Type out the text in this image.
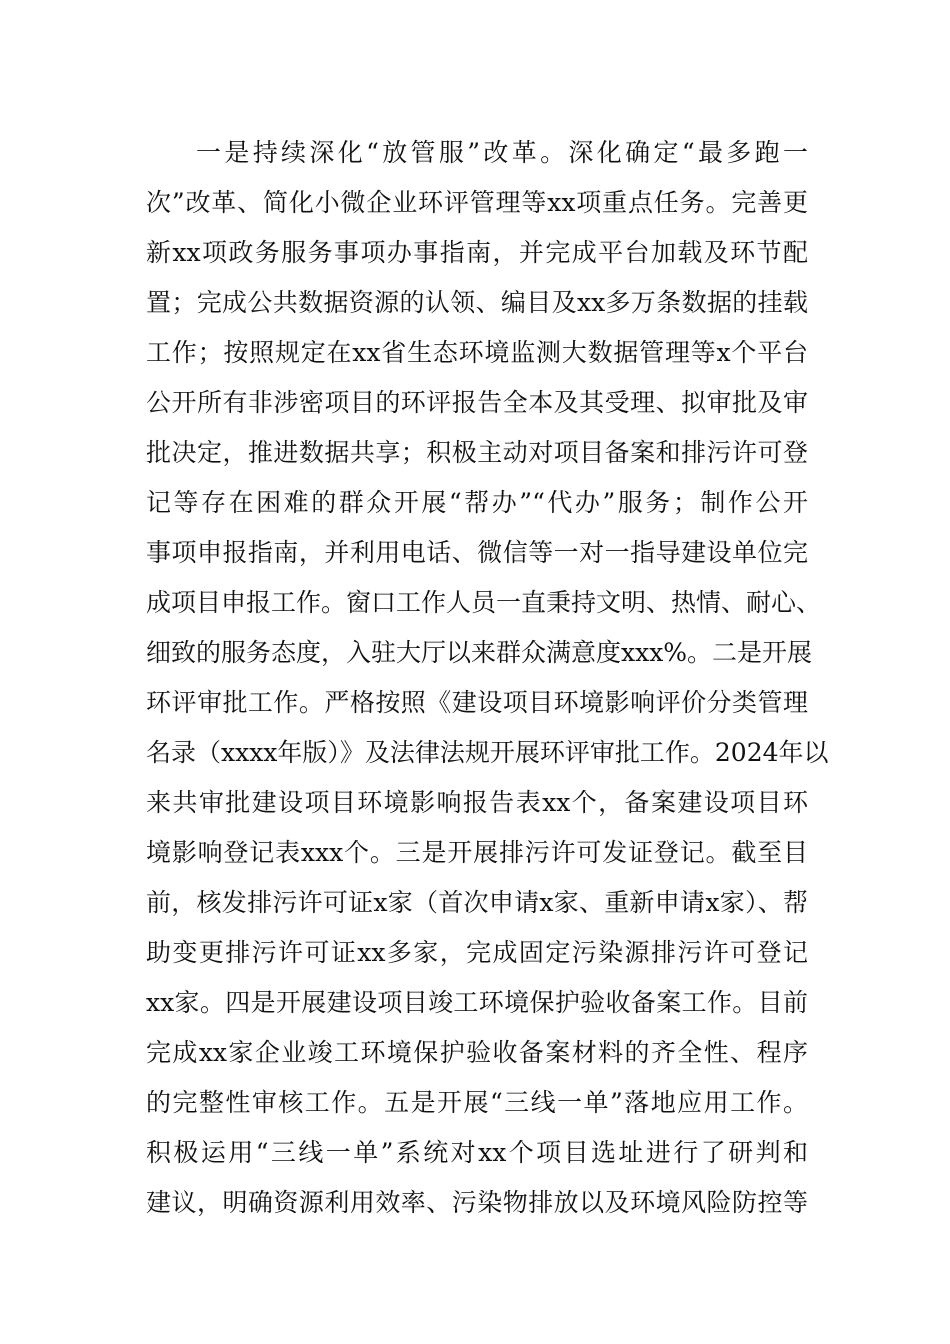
一是持续深化“放管服”改革。深化确定“最多跑一
次”改革、简化小微企业环评管理等xx项重点任务。完善更
新xx项政务服务事项办事指南，并完成平台加载及环节配
置；完成公共数据资源的认领、编目及xx多万条数据的挂载
工作；按照规定在xx省生态环境监测大数据管理等x个平台
公开所有非涉密项目的环评报告全本及其受理、拟审批及审
批决定，推进数据共享；积极主动对项目备案和排污许可登
记等存在困难的群众开展“帮办”“代办”服务；制作公开
事项申报指南，并利用电话、微信等一对一指导建设单位完
成项目申报工作。窗口工作人员一直秉持文明、热情、耐心、
细致的服务态度，入驻大厅以来群众满意度xxx%。二是开展
环评审批工作。严格按照《建设项目环境影响评价分类管理
名录（xxxx年版）》及法律法规开展环评审批工作。2024年以
来共审批建设项目环境影响报告表xx个，备案建设项目环
境影响登记表xxx个。三是开展排污许可发证登记。截至目
前，核发排污许可证x家（首次申请x家、重新申请x家）、帮
助变更排污许可证xx多家，完成固定污染源排污许可登记
xx家。四是开展建设项目竣工环境保护验收备案工作。目前
完成xx家企业竣工环境保护验收备案材料的齐全性、程序
的完整性审核工作。五是开展“三线一单”落地应用工作。
积极运用“三线一单”系统对xx个项目选址进行了研判和
建议，明确资源利用效率、污染物排放以及环境风险防控等
